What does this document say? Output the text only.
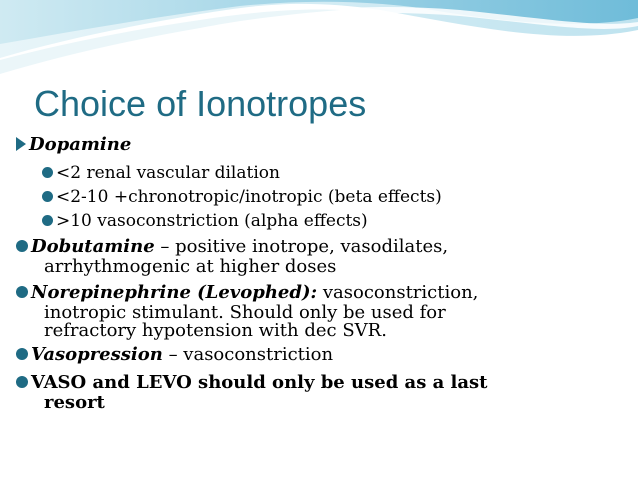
Choice of Ionotropes
Dopamine
<2 renal vascular dilation
<2-10 +chronotropic/inotropic (beta effects)
>10 vasoconstriction (alpha effects)
Dobutamine – positive inotrope, vasodilates,
arrhythmogenic at higher doses
Norepinephrine (Levophed): vasoconstriction,
inotropic stimulant. Should only be used for
refractory hypotension with dec SVR.
Vasopression – vasoconstriction
VASO and LEVO should only be used as a last
resort
